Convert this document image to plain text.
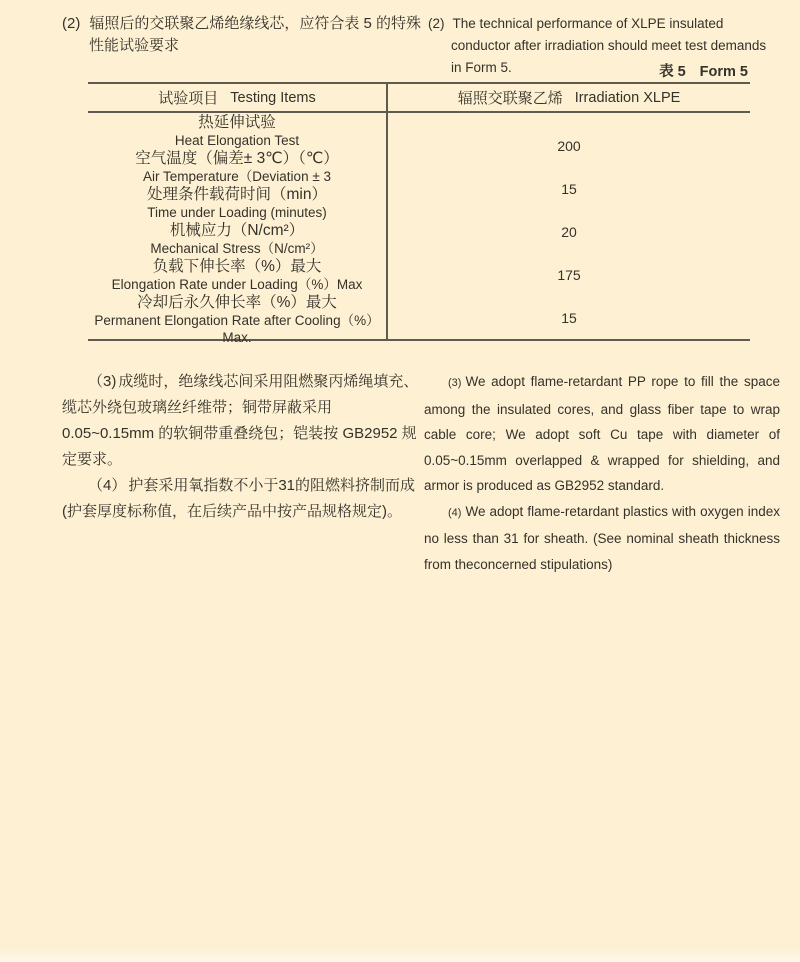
(2) 辐照后的交联聚乙烯绝缘线芯，应符合表 5 的特殊性能试验要求

(2) The technical performance of XLPE insulated conductor after irradiation should meet test demands in Form 5.	表 5 Form 5
试验项目 Testing Items	辐照交联聚乙烯 Irradiation XLPE
热延伸试验
Heat Elongation Test
空气温度（偏差± 3℃）（℃）
Air Temperature（Deviation ± 3
处理条件载荷时间（min）
Time under Loading (minutes)
机械应力（N/cm²）
Mechanical Stress（N/cm²）
负载下伸长率（%）最大
Elongation Rate under Loading（%）Max
冷却后永久伸长率（%）最大
Permanent Elongation Rate after Cooling（%）Max.
200
15
20
175
15

（3) 成缆时，绝缘线芯间采用阻燃聚丙烯绳填充、缆芯外绕包玻璃丝纤维带；铜带屏蔽采用 0.05~0.15mm 的软铜带重叠绕包；铠装按 GB2952 规定要求。

（4） 护套采用氧指数不小于31的阻燃料挤制而成(护套厚度标称值，在后续产品中按产品规格规定)。

(3) We adopt flame-retardant PP rope to fill the space among the insulated cores, and glass fiber tape to wrap cable core; We adopt soft Cu tape with diameter of 0.05~0.15mm overlapped & wrapped for shielding, and armor is produced as GB2952 standard.

(4) We adopt flame-retardant plastics with oxygen index no less than 31 for sheath. (See nominal sheath thickness from theconcerned stipulations)
